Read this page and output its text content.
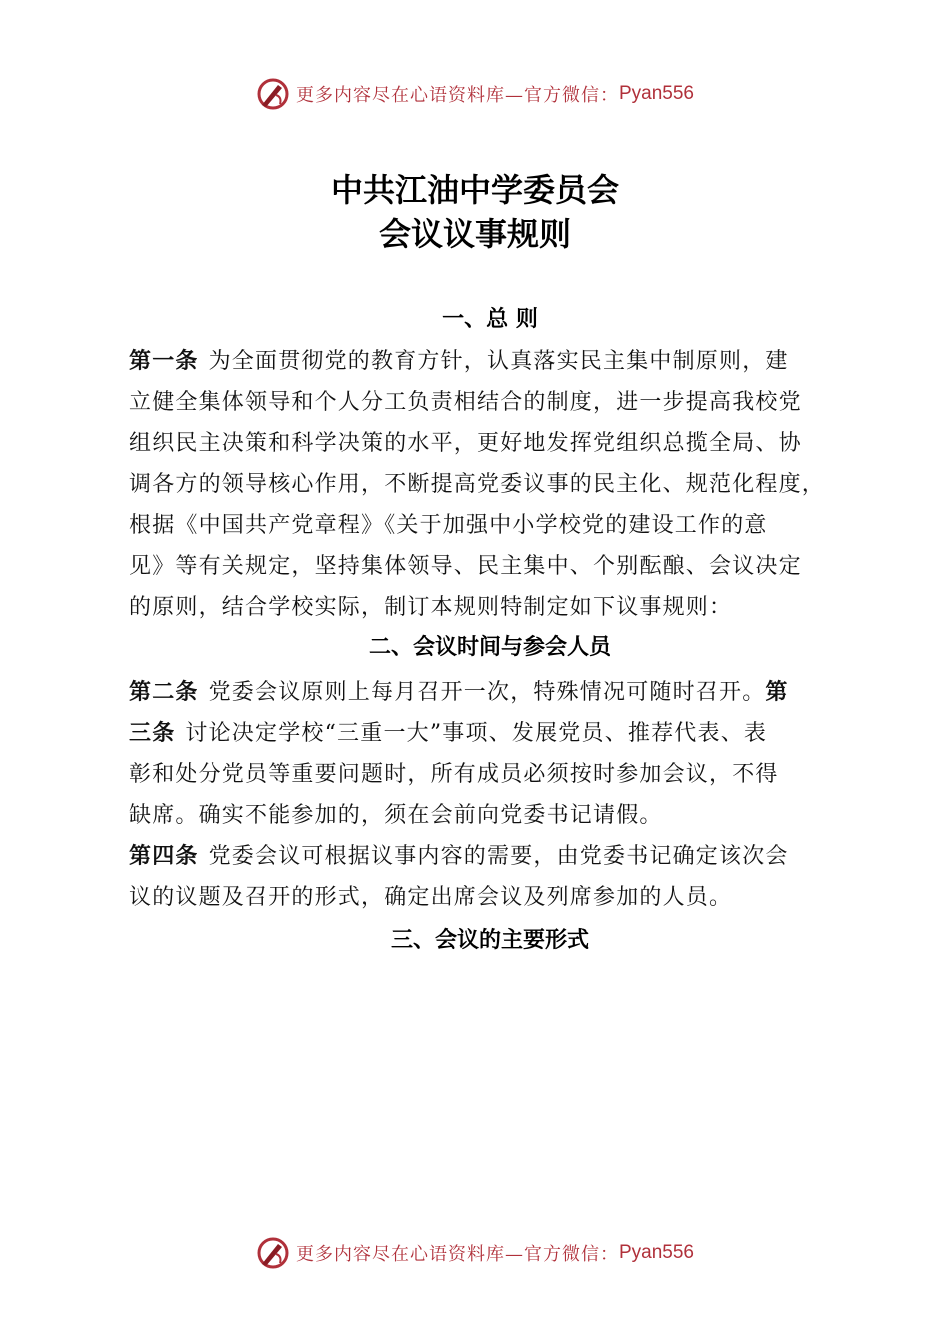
更多内容尽在心语资料库—官方微信： Pyan556
中共江油中学委员会
会议议事规则
一、总 则
第一条 为全面贯彻党的教育方针，认真落实民主集中制原则，建
立健全集体领导和个人分工负责相结合的制度，进一步提高我校党
组织民主决策和科学决策的水平，更好地发挥党组织总揽全局、协
调各方的领导核心作用，不断提高党委议事的民主化、规范化程度，
根据《中国共产党章程》《关于加强中小学校党的建设工作的意
见》等有关规定，坚持集体领导、民主集中、个别酝酿、会议决定
的原则，结合学校实际，制订本规则特制定如下议事规则：
二、会议时间与参会人员
第二条 党委会议原则上每月召开一次，特殊情况可随时召开。第
三条 讨论决定学校“三重一大”事项、发展党员、推荐代表、表
彰和处分党员等重要问题时，所有成员必须按时参加会议，不得
缺席。确实不能参加的，须在会前向党委书记请假。
第四条 党委会议可根据议事内容的需要，由党委书记确定该次会
议的议题及召开的形式，确定出席会议及列席参加的人员。
三、会议的主要形式
更多内容尽在心语资料库—官方微信： Pyan556
